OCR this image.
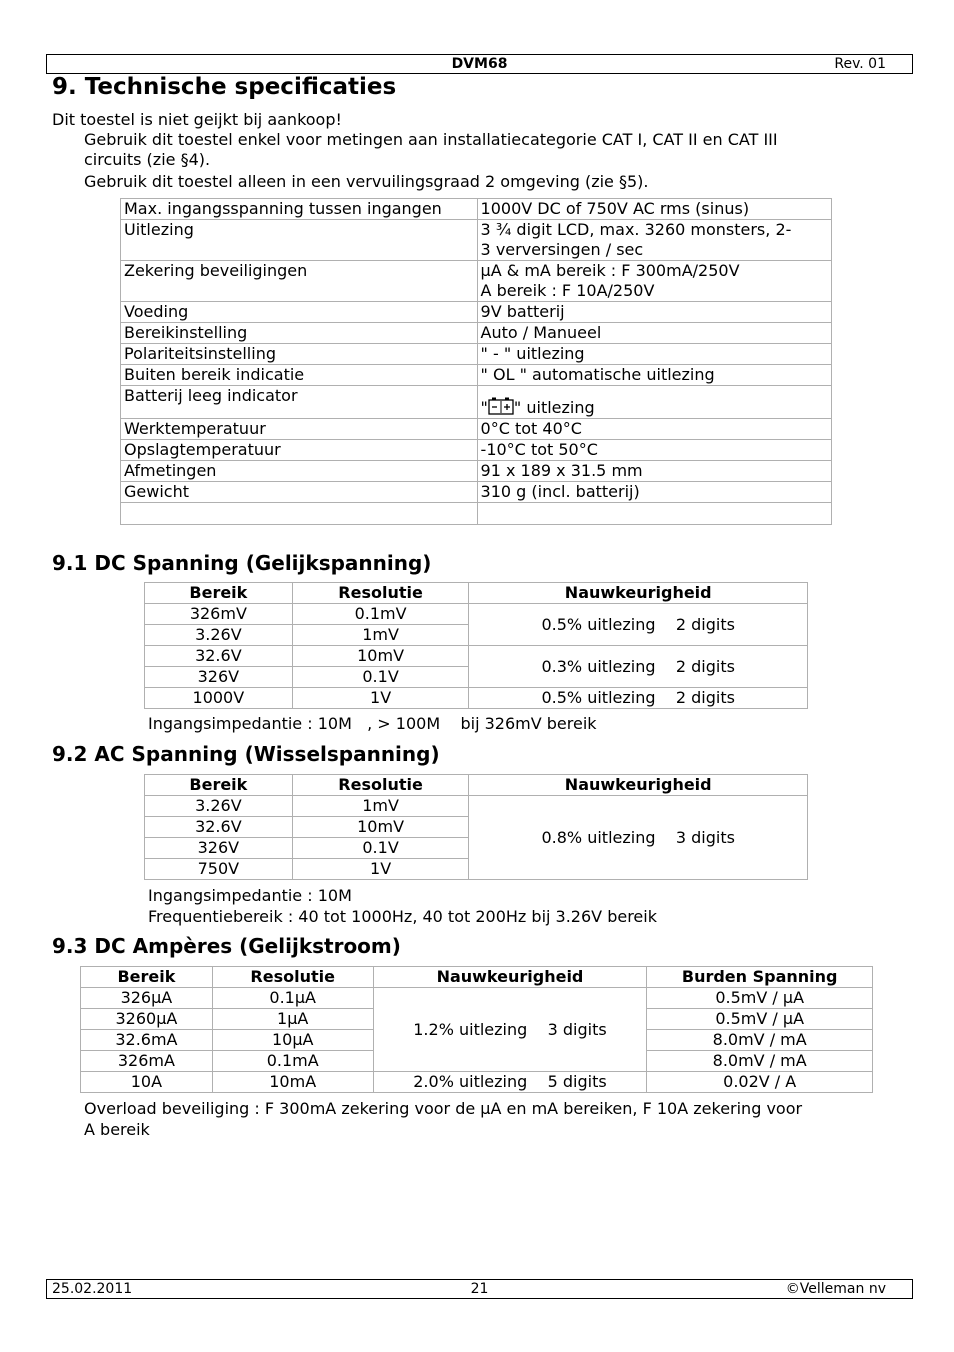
DVM68	Rev. 01
9. Technische specificaties

Dit toestel is niet geijkt bij aankoop!

Gebruik dit toestel enkel voor metingen aan installatiecategorie CAT I, CAT II en CAT III

circuits (zie §4).

Gebruik dit toestel alleen in een vervuilingsgraad 2 omgeving (zie §5).

Max. ingangsspanning tussen ingangen	1000V DC of 750V AC rms (sinus)
Uitlezing	3 ¾ digit LCD, max. 3260 monsters, 2-
3 verversingen / sec
Zekering beveiligingen	µA & mA bereik : F 300mA/250V
A bereik : F 10A/250V
Voeding	9V batterij
Bereikinstelling	Auto / Manueel
Polariteitsinstelling	" - " uitlezing
Buiten bereik indicatie	" OL " automatische uitlezing
Batterij leeg indicator	" " uitlezing
Werktemperatuur	0°C tot 40°C
Opslagtemperatuur	-10°C tot 50°C
Afmetingen	91 x 189 x 31.5 mm
Gewicht	310 g (incl. batterij)

9.1 DC Spanning (Gelijkspanning)
Bereik	Resolutie	Nauwkeurigheid
326mV	0.1mV	0.5% uitlezing    2 digits
3.26V	1mV	
32.6V	10mV	0.3% uitlezing    2 digits
326V	0.1V	
1000V	1V	0.5% uitlezing    2 digits

Ingangsimpedantie : 10M   , > 100M    bij 326mV bereik

9.2 AC Spanning (Wisselspanning)
Bereik	Resolutie	Nauwkeurigheid
3.26V	1mV	0.8% uitlezing    3 digits
32.6V	10mV	
326V	0.1V	
750V	1V	

Ingangsimpedantie : 10M

Frequentiebereik : 40 tot 1000Hz, 40 tot 200Hz bij 3.26V bereik

9.3 DC Ampères (Gelijkstroom)
Bereik	Resolutie	Nauwkeurigheid	Burden Spanning
326µA	0.1µA	1.2% uitlezing    3 digits	0.5mV / µA
3260µA	1µA		0.5mV / µA
32.6mA	10µA		8.0mV / mA
326mA	0.1mA		8.0mV / mA
10A	10mA	2.0% uitlezing    5 digits	0.02V / A

Overload beveiliging : F 300mA zekering voor de µA en mA bereiken, F 10A zekering voor

A bereik

25.02.2011	21	©Velleman nv
